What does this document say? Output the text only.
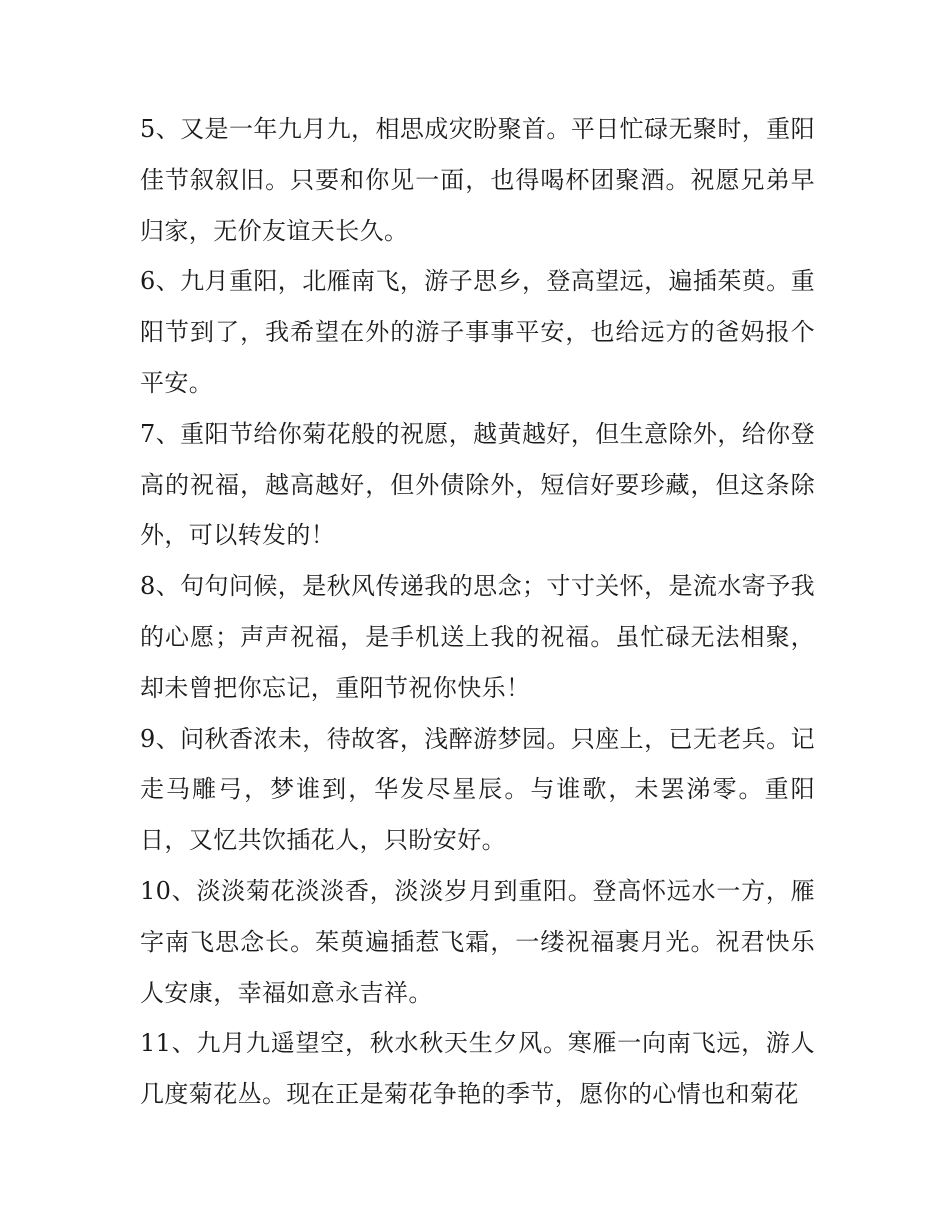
5、又是一年九月九，相思成灾盼聚首。平日忙碌无聚时，重阳佳节叙叙旧。只要和你见一面，也得喝杯团聚酒。祝愿兄弟早归家，无价友谊天长久。

6、九月重阳，北雁南飞，游子思乡，登高望远，遍插茱萸。重阳节到了，我希望在外的游子事事平安，也给远方的爸妈报个平安。

7、重阳节给你菊花般的祝愿，越黄越好，但生意除外，给你登高的祝福，越高越好，但外债除外，短信好要珍藏，但这条除外，可以转发的！

8、句句问候，是秋风传递我的思念；寸寸关怀，是流水寄予我的心愿；声声祝福，是手机送上我的祝福。虽忙碌无法相聚，却未曾把你忘记，重阳节祝你快乐！

9、问秋香浓未，待故客，浅醉游梦园。只座上，已无老兵。记走马雕弓，梦谁到，华发尽星辰。与谁歌，未罢涕零。重阳日，又忆共饮插花人，只盼安好。

10、淡淡菊花淡淡香，淡淡岁月到重阳。登高怀远水一方，雁字南飞思念长。茱萸遍插惹飞霜，一缕祝福裹月光。祝君快乐人安康，幸福如意永吉祥。

11、九月九遥望空，秋水秋天生夕风。寒雁一向南飞远，游人几度菊花丛。现在正是菊花争艳的季节，愿你的心情也和菊花
